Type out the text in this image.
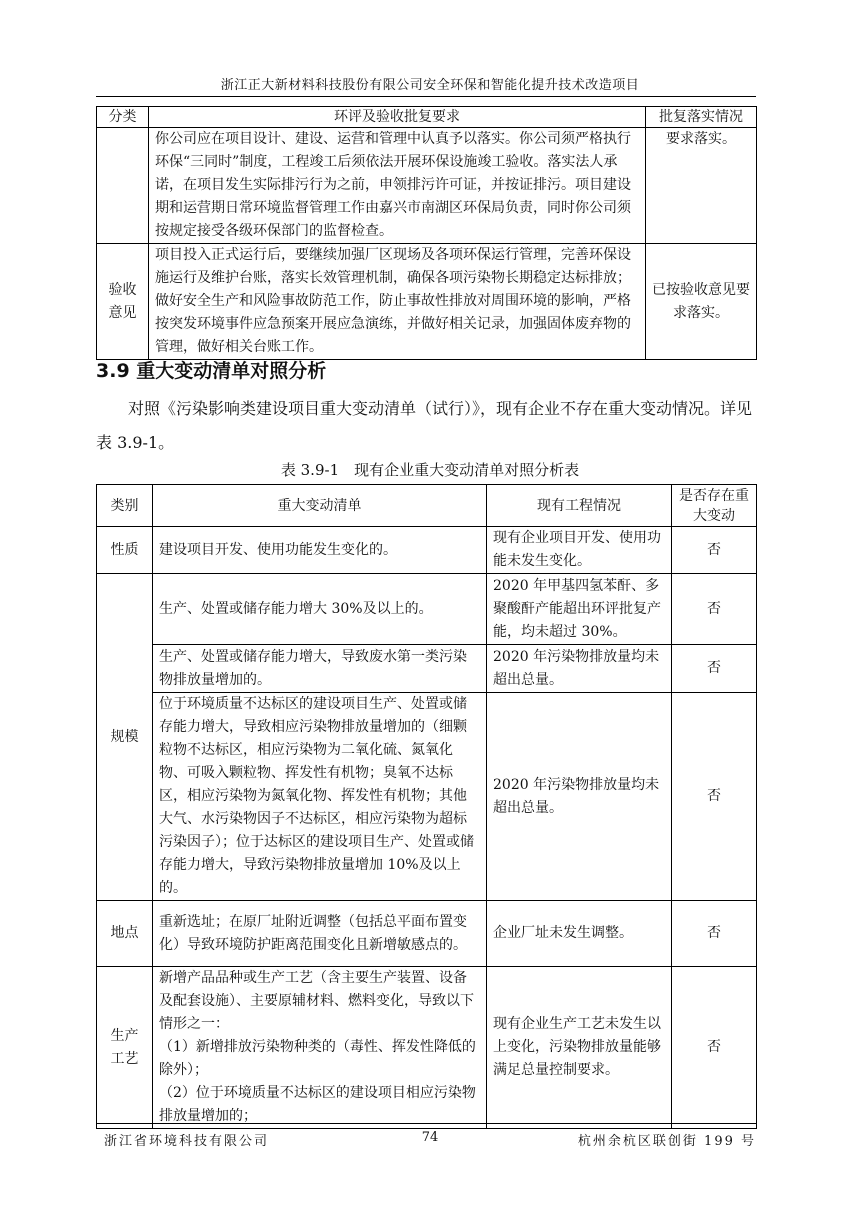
浙江正大新材料科技股份有限公司安全环保和智能化提升技术改造项目
分类	环评及验收批复要求	批复落实情况
	你公司应在项目设计、建设、运营和管理中认真予以落实。你公司须严格执行环保“三同时”制度，工程竣工后须依法开展环保设施竣工验收。落实法人承诺，在项目发生实际排污行为之前，申领排污许可证，并按证排污。项目建设期和运营期日常环境监督管理工作由嘉兴市南湖区环保局负责，同时你公司须按规定接受各级环保部门的监督检查。	要求落实。
验收意见	项目投入正式运行后，要继续加强厂区现场及各项环保运行管理，完善环保设施运行及维护台账，落实长效管理机制，确保各项污染物长期稳定达标排放；做好安全生产和风险事故防范工作，防止事故性排放对周围环境的影响，严格按突发环境事件应急预案开展应急演练，并做好相关记录，加强固体废弃物的管理，做好相关台账工作。	已按验收意见要求落实。
3.9 重大变动清单对照分析
对照《污染影响类建设项目重大变动清单（试行）》，现有企业不存在重大变动情况。详见表 3.9-1。
表 3.9-1　现有企业重大变动清单对照分析表
类别	重大变动清单	现有工程情况	是否存在重大变动
性质	建设项目开发、使用功能发生变化的。	现有企业项目开发、使用功能未发生变化。	否
规模	生产、处置或储存能力增大 30%及以上的。	2020 年甲基四氢苯酐、多聚酸酐产能超出环评批复产能，均未超过 30%。	否
	生产、处置或储存能力增大，导致废水第一类污染物排放量增加的。	2020 年污染物排放量均未超出总量。	否
	位于环境质量不达标区的建设项目生产、处置或储存能力增大，导致相应污染物排放量增加的（细颗粒物不达标区，相应污染物为二氧化硫、氮氧化物、可吸入颗粒物、挥发性有机物；臭氧不达标区，相应污染物为氮氧化物、挥发性有机物；其他大气、水污染物因子不达标区，相应污染物为超标污染因子）；位于达标区的建设项目生产、处置或储存能力增大，导致污染物排放量增加 10%及以上的。	2020 年污染物排放量均未超出总量。	否
地点	重新选址；在原厂址附近调整（包括总平面布置变化）导致环境防护距离范围变化且新增敏感点的。	企业厂址未发生调整。	否
生产工艺	新增产品品种或生产工艺（含主要生产装置、设备及配套设施）、主要原辅材料、燃料变化，导致以下情形之一：
（1）新增排放污染物种类的（毒性、挥发性降低的除外）；
（2）位于环境质量不达标区的建设项目相应污染物排放量增加的；	现有企业生产工艺未发生以上变化，污染物排放量能够满足总量控制要求。	否
浙江省环境科技有限公司	74	杭州余杭区联创街 199 号
